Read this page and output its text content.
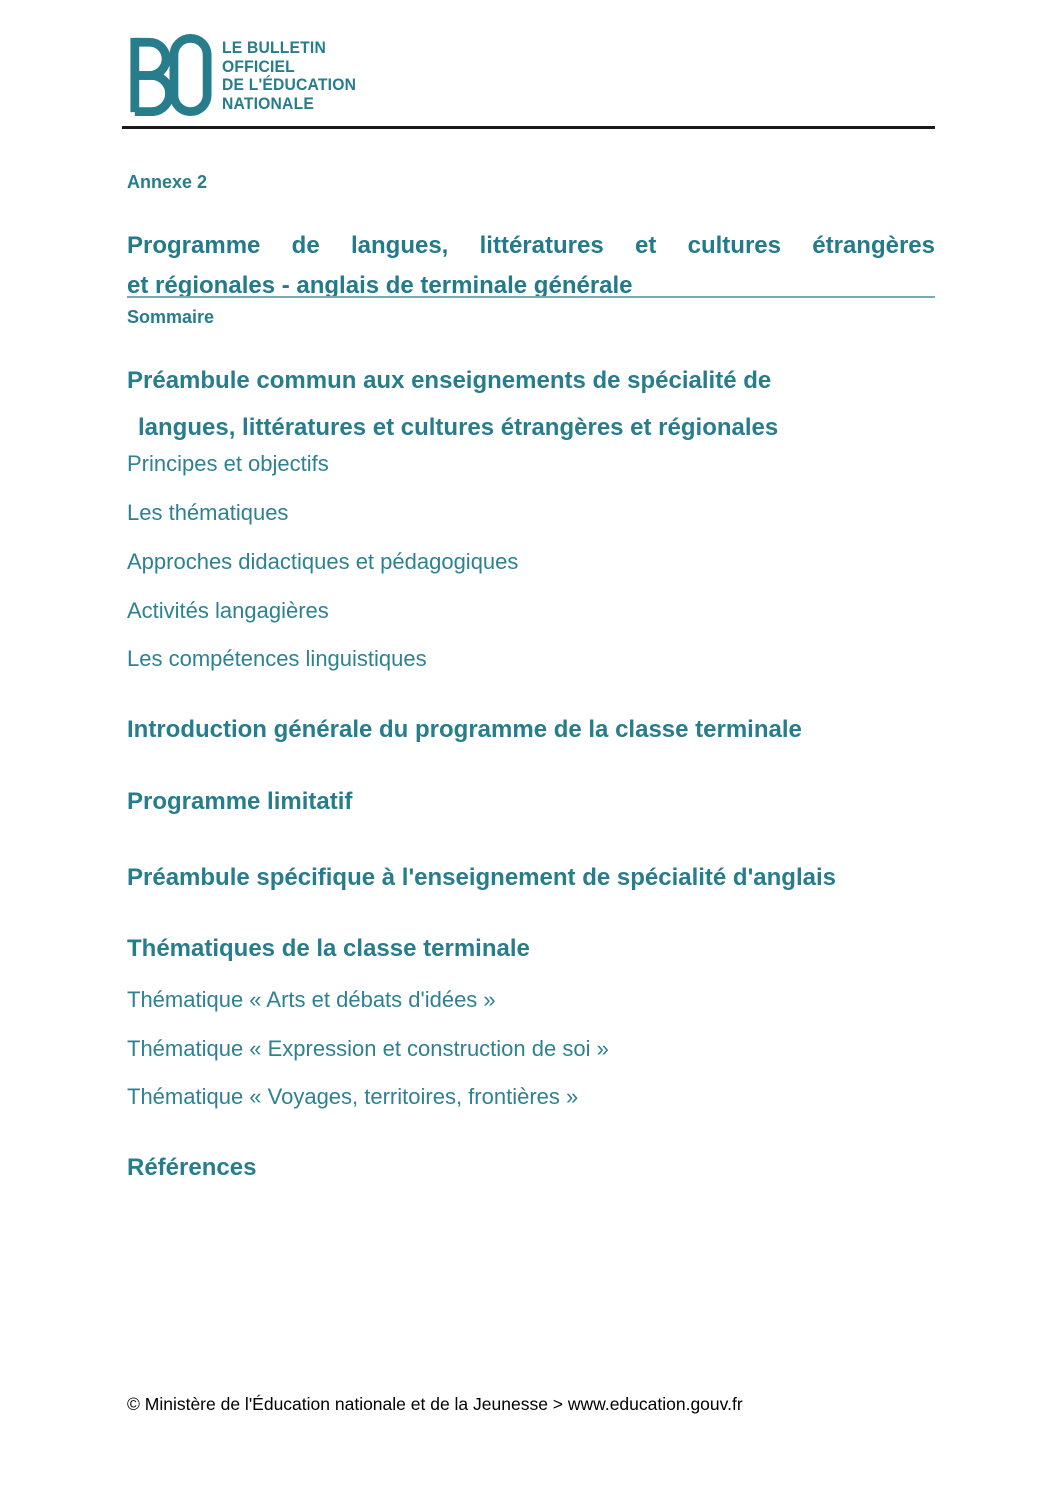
LE BULLETIN
OFFICIEL
DE L'ÉDUCATION
NATIONALE
Annexe 2
Programme de langues, littératures et cultures étrangères
et régionales - anglais de terminale générale
Sommaire
Préambule commun aux enseignements de spécialité de
langues, littératures et cultures étrangères et régionales
Principes et objectifs
Les thématiques
Approches didactiques et pédagogiques
Activités langagières
Les compétences linguistiques
Introduction générale du programme de la classe terminale
Programme limitatif
Préambule spécifique à l'enseignement de spécialité d'anglais
Thématiques de la classe terminale
Thématique « Arts et débats d'idées »
Thématique « Expression et construction de soi »
Thématique « Voyages, territoires, frontières »
Références
© Ministère de l'Éducation nationale et de la Jeunesse > www.education.gouv.fr
